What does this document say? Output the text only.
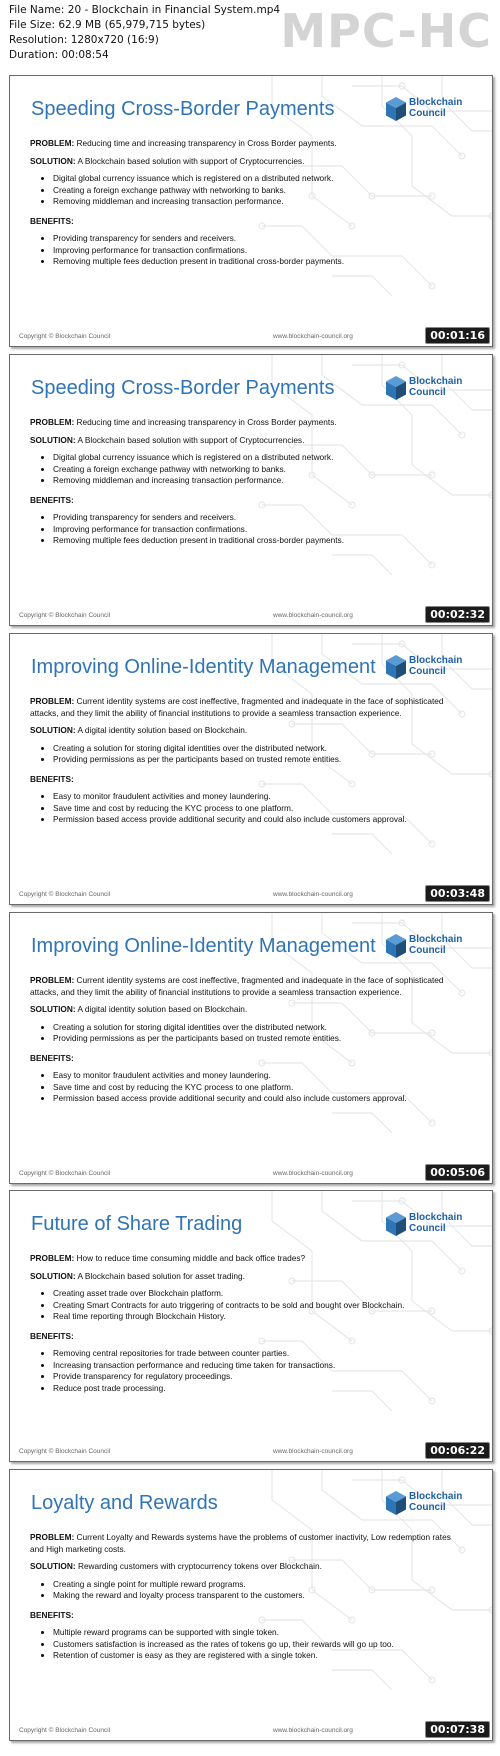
File Name: 20 - Blockchain in Financial System.mp4
File Size: 62.9 MB (65,979,715 bytes)
Resolution: 1280x720 (16:9)
Duration: 00:08:54	MPC-HC
Speeding Cross-Border Payments	Blockchain
Council

PROBLEM: Reducing time and increasing transparency in Cross Border payments.

SOLUTION: A Blockchain based solution with support of Cryptocurrencies.

• Digital global currency issuance which is registered on a distributed network.
• Creating a foreign exchange pathway with networking to banks.
• Removing middleman and increasing transaction performance.

BENEFITS:

• Providing transparency for senders and receivers.
• Improving performance for transaction confirmations.
• Removing multiple fees deduction present in traditional cross-border payments.
Copyright © Blockchain Council	www.blockchain-council.org	00:01:16
Speeding Cross-Border Payments	Blockchain
Council

PROBLEM: Reducing time and increasing transparency in Cross Border payments.

SOLUTION: A Blockchain based solution with support of Cryptocurrencies.

• Digital global currency issuance which is registered on a distributed network.
• Creating a foreign exchange pathway with networking to banks.
• Removing middleman and increasing transaction performance.

BENEFITS:

• Providing transparency for senders and receivers.
• Improving performance for transaction confirmations.
• Removing multiple fees deduction present in traditional cross-border payments.
Copyright © Blockchain Council	www.blockchain-council.org	00:02:32
Improving Online-Identity Management	Blockchain
Council

PROBLEM: Current identity systems are cost ineffective, fragmented and inadequate in the face of sophisticated attacks, and they limit the ability of financial institutions to provide a seamless transaction experience.

SOLUTION: A digital identity solution based on Blockchain.

• Creating a solution for storing digital identities over the distributed network.
• Providing permissions as per the participants based on trusted remote entities.

BENEFITS:

• Easy to monitor fraudulent activities and money laundering.
• Save time and cost by reducing the KYC process to one platform.
• Permission based access provide additional security and could also include customers approval.
Copyright © Blockchain Council	www.blockchain-council.org	00:03:48
Improving Online-Identity Management	Blockchain
Council

PROBLEM: Current identity systems are cost ineffective, fragmented and inadequate in the face of sophisticated attacks, and they limit the ability of financial institutions to provide a seamless transaction experience.

SOLUTION: A digital identity solution based on Blockchain.

• Creating a solution for storing digital identities over the distributed network.
• Providing permissions as per the participants based on trusted remote entities.

BENEFITS:

• Easy to monitor fraudulent activities and money laundering.
• Save time and cost by reducing the KYC process to one platform.
• Permission based access provide additional security and could also include customers approval.
Copyright © Blockchain Council	www.blockchain-council.org	00:05:06
Future of Share Trading	Blockchain
Council

PROBLEM: How to reduce time consuming middle and back office trades?

SOLUTION: A Blockchain based solution for asset trading.

• Creating asset trade over Blockchain platform.
• Creating Smart Contracts for auto triggering of contracts to be sold and bought over Blockchain.
• Real time reporting through Blockchain History.

BENEFITS:

• Removing central repositories for trade between counter parties.
• Increasing transaction performance and reducing time taken for transactions.
• Provide transparency for regulatory proceedings.
• Reduce post trade processing.
Copyright © Blockchain Council	www.blockchain-council.org	00:06:22
Loyalty and Rewards	Blockchain
Council

PROBLEM: Current Loyalty and Rewards systems have the problems of customer inactivity, Low redemption rates and High marketing costs.

SOLUTION: Rewarding customers with cryptocurrency tokens over Blockchain.

• Creating a single point for multiple reward programs.
• Making the reward and loyalty process transparent to the customers.

BENEFITS:

• Multiple reward programs can be supported with single token.
• Customers satisfaction is increased as the rates of tokens go up, their rewards will go up too.
• Retention of customer is easy as they are registered with a single token.
Copyright © Blockchain Council	www.blockchain-council.org	00:07:38
